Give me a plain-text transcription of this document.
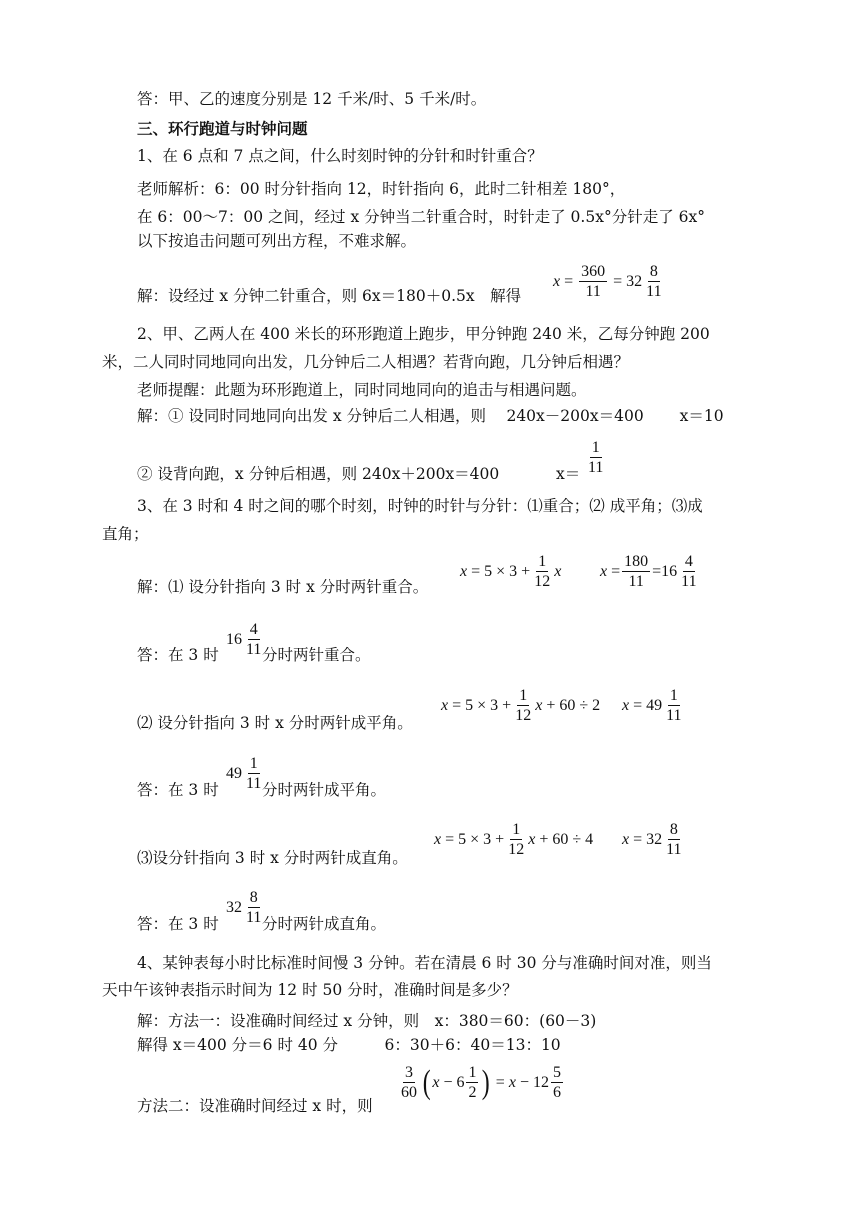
答：甲、乙的速度分别是 12 千米/时、5 千米/时。
三、环行跑道与时钟问题
1、在 6 点和 7 点之间，什么时刻时钟的分针和时针重合？
老师解析：6：00 时分针指向 12，时针指向 6，此时二针相差 180°，
在 6：00～7：00 之间，经过 x 分钟当二针重合时，时针走了 0.5x°分针走了 6x°
以下按追击问题可列出方程，不难求解。
解：设经过 x 分钟二针重合，则 6x＝180＋0.5x　解得
x
=
$\frac{360}{11}$
=
$32 \frac{8}{11}$
2、甲、乙两人在 400 米长的环形跑道上跑步，甲分钟跑 240 米，乙每分钟跑 200
米，二人同时同地同向出发，几分钟后二人相遇？若背向跑，几分钟后相遇？
老师提醒：此题为环形跑道上，同时同地同向的追击与相遇问题。
解：① 设同时同地同向出发 x 分钟后二人相遇，则　 240x－200x＝400　　 x＝10
② 设背向跑，x 分钟后相遇，则 240x＋200x＝400	$x= \frac{1}{11}$
3、在 3 时和 4 时之间的哪个时刻，时钟的时针与分针：⑴重合；⑵ 成平角；⑶成
直角；
解：⑴ 设分针指向 3 时 x 分时两针重合。
x
=
5
×
3
+ $\frac{1}{12}$ x x
= $\frac{180}{11} = 16 \frac{4}{11}$
答：在 3 时
$16 \frac{4}{11}$
分时两针重合。
⑵ 设分针指向 3 时 x 分时两针成平角。
x
=
5
×
3
+ $\frac{1}{12}$ x
+
60
÷
2 x
=
$49 \frac{1}{11}$
答：在 3 时
$49 \frac{1}{11}$
分时两针成平角。
⑶设分针指向 3 时 x 分时两针成直角。
x
=
5
×
3
+ $\frac{1}{12}$ x
+
60
÷
4 x
=
$32 \frac{8}{11}$
答：在 3 时
$32 \frac{8}{11}$
分时两针成直角。
4、某钟表每小时比标准时间慢 3 分钟。若在清晨 6 时 30 分与准确时间对准，则当
天中午该钟表指示时间为 12 时 50 分时，准确时间是多少？
解：方法一：设准确时间经过 x 分钟，则　x：380＝60：(60－3)
解得 x＝400 分＝6 时 40 分　　　6：30＋6：40＝13：10
方法二：设准确时间经过 x 时，则
$\frac{3}{60}$ ( x
−
$6 \frac{1}{2}$ )
=
x
−
$12 \frac{5}{6}$
